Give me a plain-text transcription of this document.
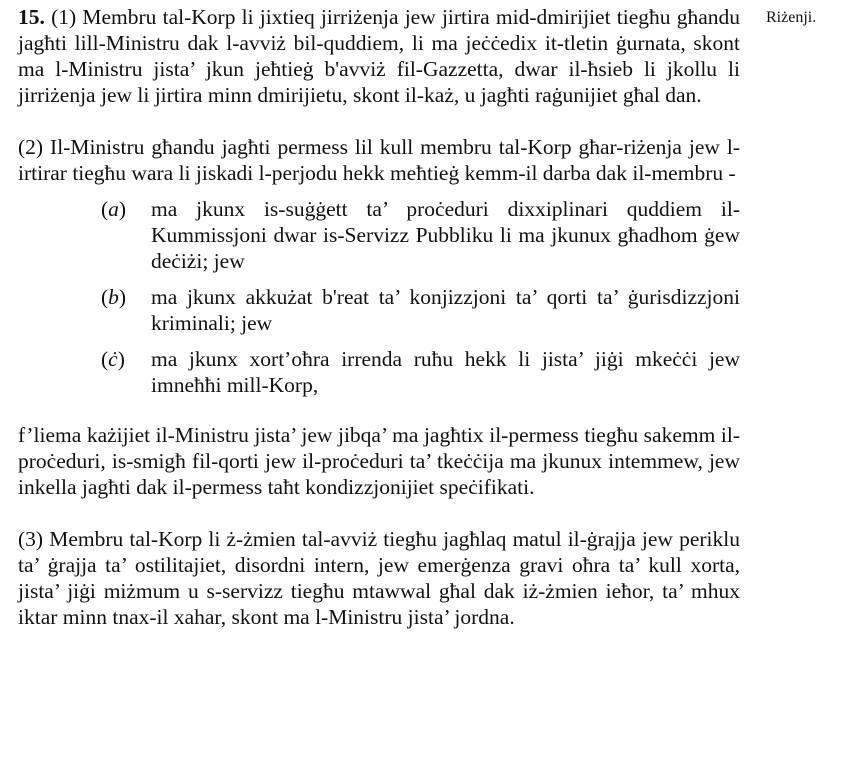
15. (1) Membru tal-Korp li jixtieq jirriżenja jew jirtira mid-dmirijiet tiegħu għandu jagħti lill-Ministru dak l-avviż bil-quddiem, li ma jeċċedix it-tletin ġurnata, skont ma l-Ministru jista’ jkun jeħtieġ b'avviż fil-Gazzetta, dwar il-ħsieb li jkollu li jirriżenja jew li jirtira minn dmirijietu, skont il-każ, u jagħti raġunijiet għal dan.

(2) Il-Ministru għandu jagħti permess lil kull membru tal-Korp għar-riżenja jew l-irtirar tiegħu wara li jiskadi l-perjodu hekk meħtieġ kemm-il darba dak il-membru -

(a)	ma jkunx is-suġġett ta’ proċeduri dixxiplinari quddiem il-Kummissjoni dwar is-Servizz Pubbliku li ma jkunux għadhom ġew deċiżi; jew
(b)	ma jkunx akkużat b'reat ta’ konjizzjoni ta’ qorti ta’ ġurisdizzjoni kriminali; jew
(ċ)	ma jkunx xort’oħra irrenda ruħu hekk li jista’ jiġi mkeċċi jew imneħħi mill-Korp,

f’liema każijiet il-Ministru jista’ jew jibqa’ ma jagħtix il-permess tiegħu sakemm il-proċeduri, is-smigħ fil-qorti jew il-proċeduri ta’ tkeċċija ma jkunux intemmew, jew inkella jagħti dak il-permess taħt kondizzjonijiet speċifikati.

(3) Membru tal-Korp li ż-żmien tal-avviż tiegħu jagħlaq matul il-ġrajja jew periklu ta’ ġrajja ta’ ostilitajiet, disordni intern, jew emerġenza gravi oħra ta’ kull xorta, jista’ jiġi miżmum u s-servizz tiegħu mtawwal għal dak iż-żmien ieħor, ta’ mhux iktar minn tnax-il xahar, skont ma l-Ministru jista’ jordna.

Riżenji.
